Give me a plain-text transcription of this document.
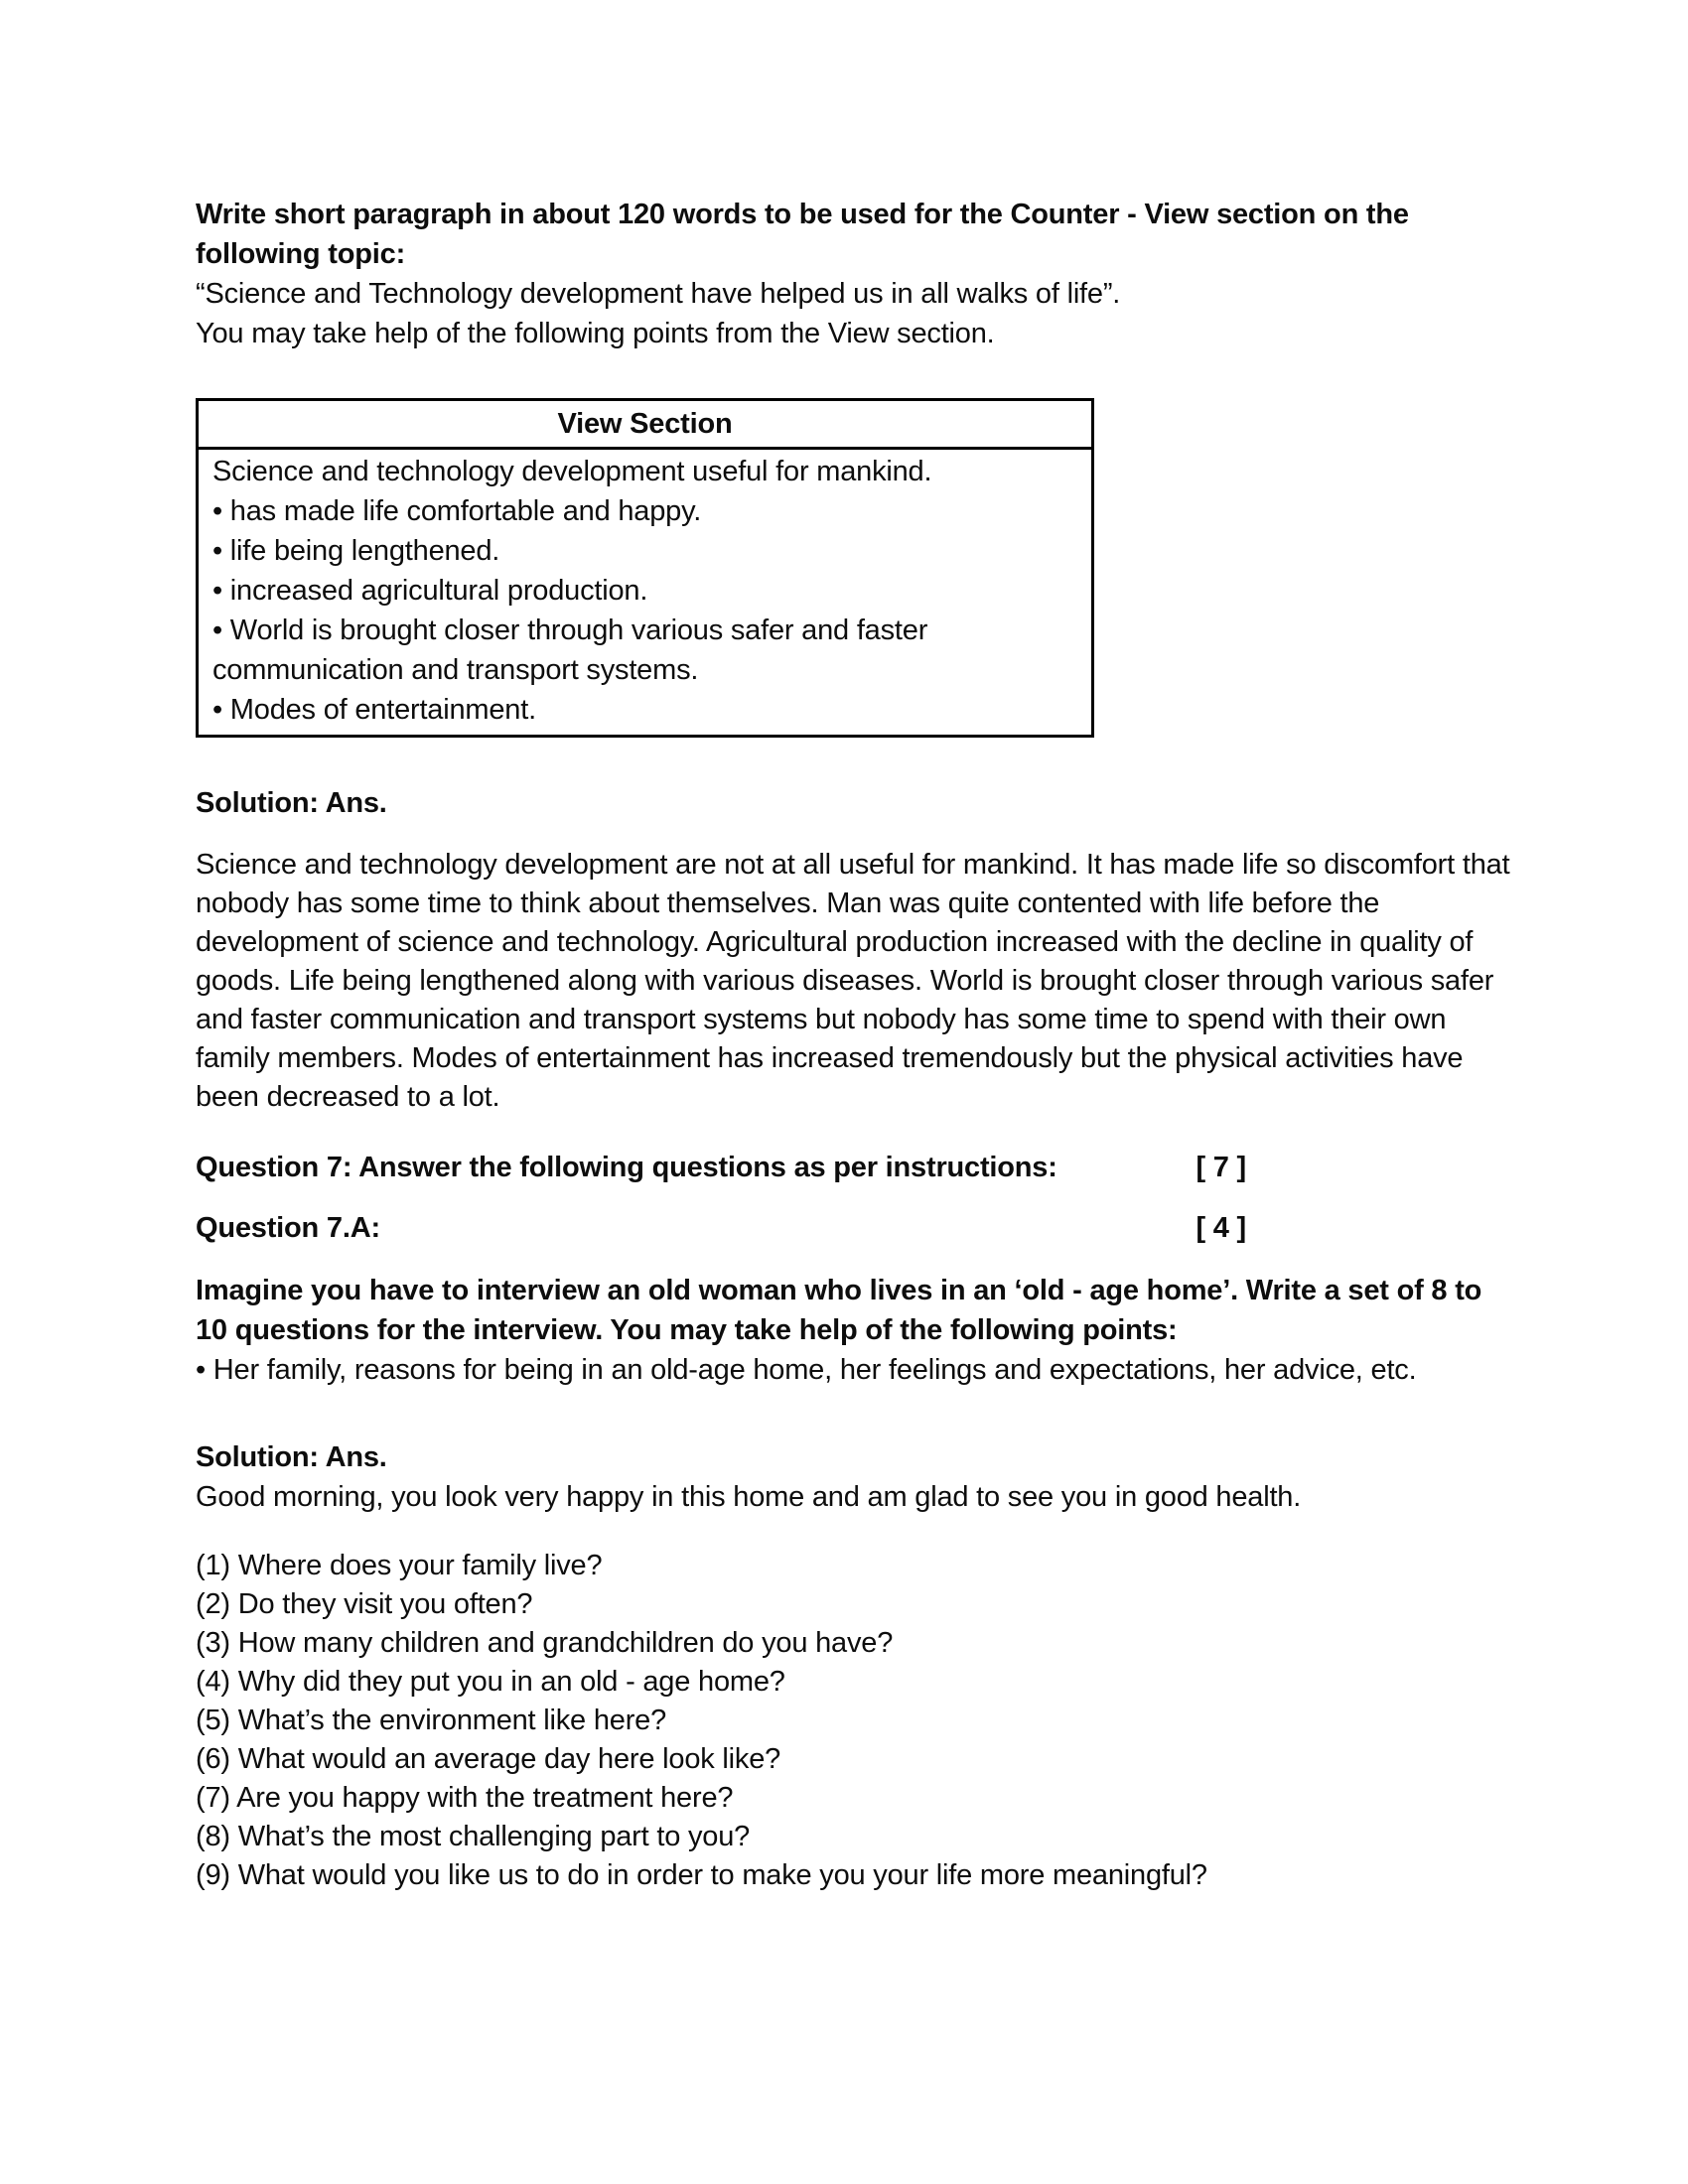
Write short paragraph in about 120 words to be used for the Counter - View section on the following topic:

“Science and Technology development have helped us in all walks of life”.

You may take help of the following points from the View section.

View Section

Science and technology development useful for mankind.
• has made life comfortable and happy.
• life being lengthened.
• increased agricultural production.
• World is brought closer through various safer and faster communication and transport systems.
• Modes of entertainment.

Solution: Ans.

Science and technology development are not at all useful for mankind. It has made life so discomfort that nobody has some time to think about themselves. Man was quite contented with life before the development of science and technology. Agricultural production increased with the decline in quality of goods. Life being lengthened along with various diseases. World is brought closer through various safer and faster communication and transport systems but nobody has some time to spend with their own family members. Modes of entertainment has increased tremendously but the physical activities have been decreased to a lot.

Question 7: Answer the following questions as per instructions:	[ 7 ]

Question 7.A:	[ 4 ]

Imagine you have to interview an old woman who lives in an ‘old - age home’. Write a set of 8 to 10 questions for the interview. You may take help of the following points:

• Her family, reasons for being in an old-age home, her feelings and expectations, her advice, etc.

Solution: Ans.

Good morning, you look very happy in this home and am glad to see you in good health.

(1) Where does your family live?

(2) Do they visit you often?

(3) How many children and grandchildren do you have?

(4) Why did they put you in an old - age home?

(5) What’s the environment like here?

(6) What would an average day here look like?

(7) Are you happy with the treatment here?

(8) What’s the most challenging part to you?

(9) What would you like us to do in order to make you your life more meaningful?
